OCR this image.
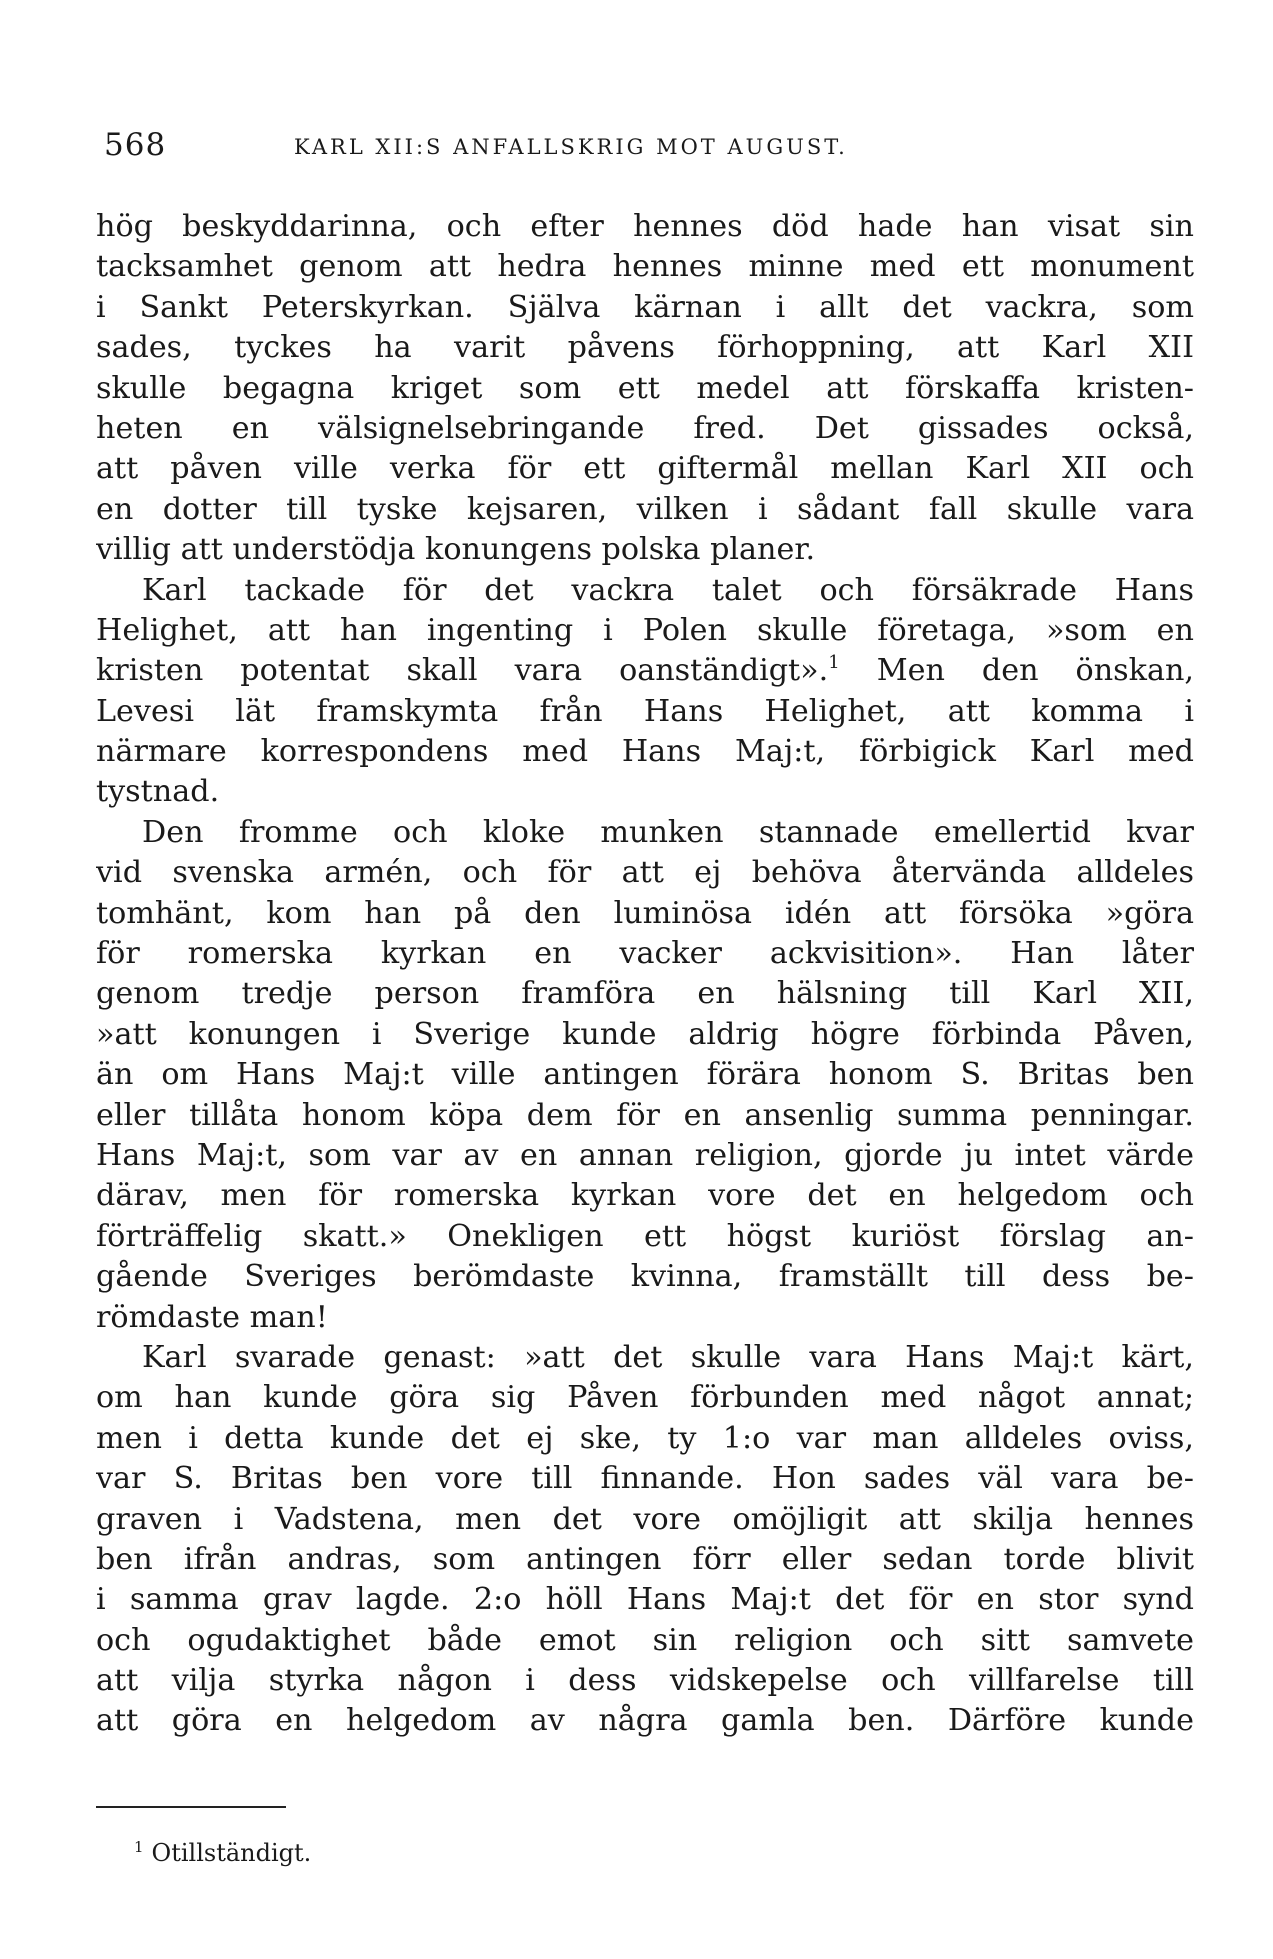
568	KARL XII:S ANFALLSKRIG MOT AUGUST.
hög beskyddarinna, och efter hennes död hade han visat sin
tacksamhet genom att hedra hennes minne med ett monument
i Sankt Peterskyrkan. Själva kärnan i allt det vackra, som
sades, tyckes ha varit påvens förhoppning, att Karl XII
skulle begagna kriget som ett medel att förskaffa kristen-
heten en välsignelsebringande fred. Det gissades också,
att påven ville verka för ett giftermål mellan Karl XII och
en dotter till tyske kejsaren, vilken i sådant fall skulle vara
villig att understödja konungens polska planer.
Karl tackade för det vackra talet och försäkrade Hans
Helighet, att han ingenting i Polen skulle företaga, »som en
kristen potentat skall vara oanständigt».$^1$ Men den önskan,
Levesi lät framskymta från Hans Helighet, att komma i
närmare korrespondens med Hans Maj:t, förbigick Karl med
tystnad.
Den fromme och kloke munken stannade emellertid kvar
vid svenska armén, och för att ej behöva återvända alldeles
tomhänt, kom han på den luminösa idén att försöka »göra
för romerska kyrkan en vacker ackvisition». Han låter
genom tredje person framföra en hälsning till Karl XII,
»att konungen i Sverige kunde aldrig högre förbinda Påven,
än om Hans Maj:t ville antingen förära honom S. Britas ben
eller tillåta honom köpa dem för en ansenlig summa penningar.
Hans Maj:t, som var av en annan religion, gjorde ju intet värde
därav, men för romerska kyrkan vore det en helgedom och
förträffelig skatt.» Onekligen ett högst kuriöst förslag an-
gående Sveriges berömdaste kvinna, framställt till dess be-
römdaste man!
Karl svarade genast: »att det skulle vara Hans Maj:t kärt,
om han kunde göra sig Påven förbunden med något annat;
men i detta kunde det ej ske, ty 1:o var man alldeles oviss,
var S. Britas ben vore till finnande. Hon sades väl vara be-
graven i Vadstena, men det vore omöjligit att skilja hennes
ben ifrån andras, som antingen förr eller sedan torde blivit
i samma grav lagde. 2:o höll Hans Maj:t det för en stor synd
och ogudaktighet både emot sin religion och sitt samvete
att vilja styrka någon i dess vidskepelse och villfarelse till
att göra en helgedom av några gamla ben. Därföre kunde
$^1$ Otillständigt.
